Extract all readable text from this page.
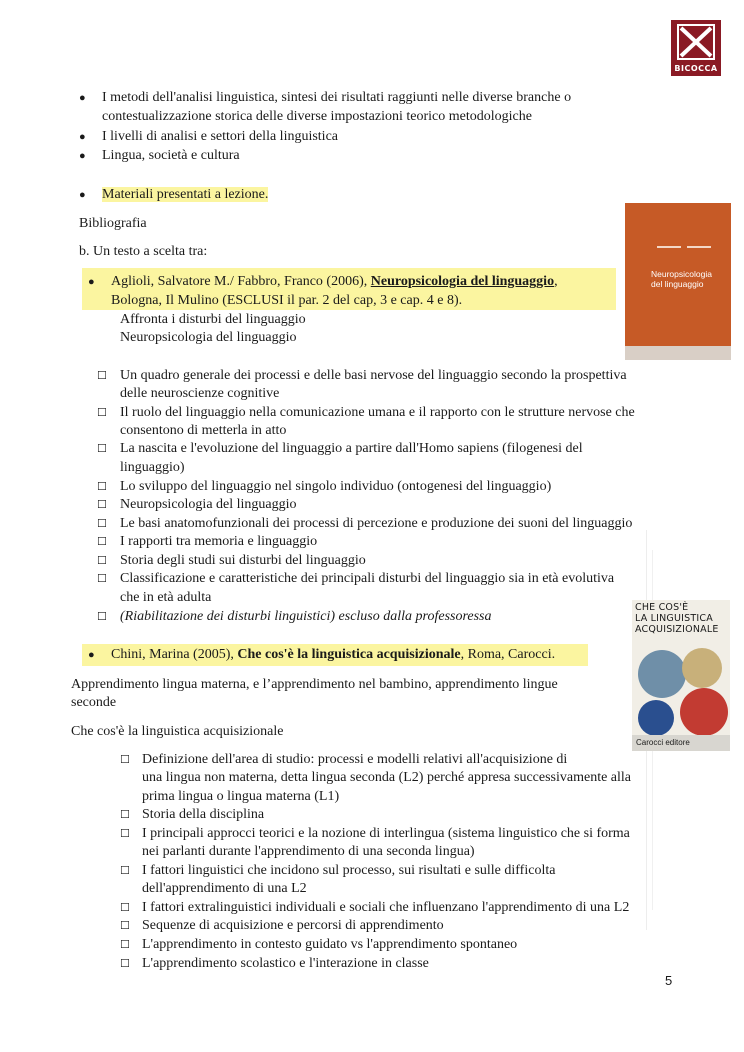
BICOCCA
● I metodi dell'analisi linguistica, sintesi dei risultati raggiunti nelle diverse branche o
contestualizzazione storica delle diverse impostazioni teorico metodologiche
● I livelli di analisi e settori della linguistica
● Lingua, società e cultura
● Materiali presentati a lezione.
Bibliografia
b. Un testo a scelta tra:
● Aglioli, Salvatore M./ Fabbro, Franco (2006), Neuropsicologia del linguaggio,
Bologna, Il Mulino (ESCLUSI il par. 2 del cap, 3 e cap. 4 e 8).
Affronta i disturbi del linguaggio
Neuropsicologia del linguaggio
Neuropsicologia
del linguaggio
☐ Un quadro generale dei processi e delle basi nervose del linguaggio secondo la prospettiva
delle neuroscienze cognitive
☐ Il ruolo del linguaggio nella comunicazione umana e il rapporto con le strutture nervose che
consentono di metterla in atto
☐ La nascita e l'evoluzione del linguaggio a partire dall'Homo sapiens (filogenesi del
linguaggio)
☐ Lo sviluppo del linguaggio nel singolo individuo (ontogenesi del linguaggio)
☐ Neuropsicologia del linguaggio
☐ Le basi anatomofunzionali dei processi di percezione e produzione dei suoni del linguaggio
☐ I rapporti tra memoria e linguaggio
☐ Storia degli studi sui disturbi del linguaggio
☐ Classificazione e caratteristiche dei principali disturbi del linguaggio sia in età evolutiva
che in età adulta
☐ (Riabilitazione dei disturbi linguistici) escluso dalla professoressa
● Chini, Marina (2005), Che cos'è la linguistica acquisizionale, Roma, Carocci.
CHE COS'È
LA LINGUISTICA
ACQUISIZIONALE
Carocci editore
Apprendimento lingua materna, e l’apprendimento nel bambino, apprendimento lingue
seconde
Che cos'è la linguistica acquisizionale
☐ Definizione dell'area di studio: processi e modelli relativi all'acquisizione di
una lingua non materna, detta lingua seconda (L2) perché appresa successivamente alla
prima lingua o lingua materna (L1)
☐ Storia della disciplina
☐ I principali approcci teorici e la nozione di interlingua (sistema linguistico che si forma
nei parlanti durante l'apprendimento di una seconda lingua)
☐ I fattori linguistici che incidono sul processo, sui risultati e sulle difficolta
dell'apprendimento di una L2
☐ I fattori extralinguistici individuali e sociali che influenzano l'apprendimento di una L2
☐ Sequenze di acquisizione e percorsi di apprendimento
☐ L'apprendimento in contesto guidato vs l'apprendimento spontaneo
☐ L'apprendimento scolastico e l'interazione in classe
5
